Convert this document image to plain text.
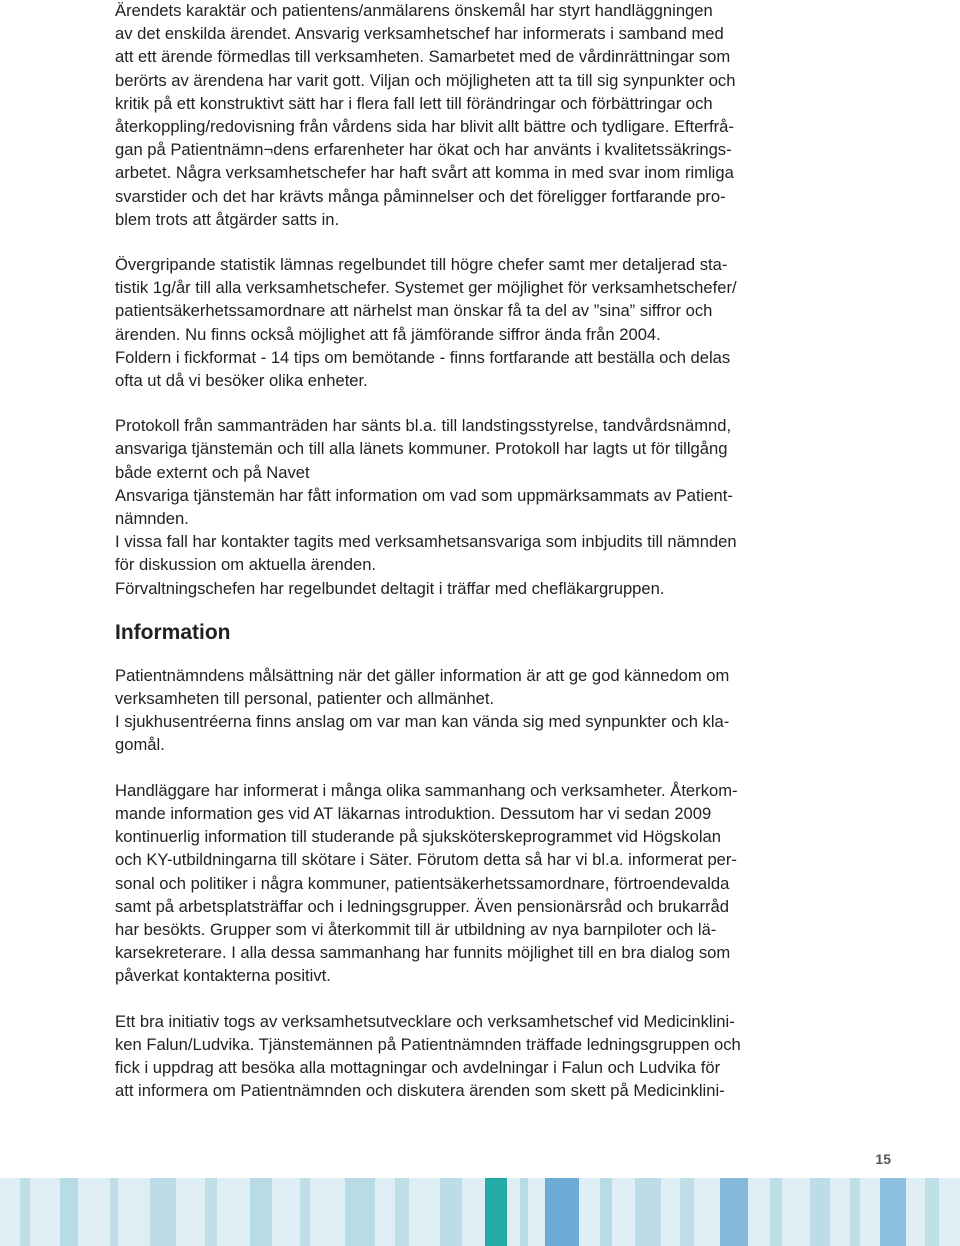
Ärendets karaktär och patientens/anmälarens önskemål har styrt handläggningen
av det enskilda ärendet. Ansvarig verksamhetschef har informerats i samband med
att ett ärende förmedlas till verksamheten. Samarbetet med de vårdinrättningar som
berörts av ärendena har varit gott. Viljan och möjligheten att ta till sig synpunkter och
kritik på ett konstruktivt sätt har i flera fall lett till förändringar och förbättringar och
återkoppling/redovisning från vårdens sida har blivit allt bättre och tydligare. Efterfrå-
gan på Patientnämn¬dens erfarenheter har ökat och har använts i kvalitetssäkrings-
arbetet. Några verksamhetschefer har haft svårt att komma in med svar inom rimliga
svarstider och det har krävts många påminnelser och det föreligger fortfarande pro-
blem trots att åtgärder satts in.
Övergripande statistik lämnas regelbundet till högre chefer samt mer detaljerad sta-
tistik 1g/år till alla verksamhetschefer. Systemet ger möjlighet för verksamhetschefer/
patientsäkerhetssamordnare att närhelst man önskar få ta del av ”sina” siffror och
ärenden. Nu finns också möjlighet att få jämförande siffror ända från 2004.
Foldern i fickformat - 14 tips om bemötande - finns fortfarande att beställa och delas
ofta ut då vi besöker olika enheter.
Protokoll från sammanträden har sänts bl.a. till landstingsstyrelse, tandvårdsnämnd,
ansvariga tjänstemän och till alla länets kommuner. Protokoll har lagts ut för tillgång
både externt och på Navet
Ansvariga tjänstemän har fått information om vad som uppmärksammats av Patient-
nämnden.
I vissa fall har kontakter tagits med verksamhetsansvariga som inbjudits till nämnden
för diskussion om aktuella ärenden.
Förvaltningschefen har regelbundet deltagit i träffar med chefläkargruppen.
Information
Patientnämndens målsättning när det gäller information är att ge god kännedom om
verksamheten till personal, patienter och allmänhet.
I sjukhusentréerna finns anslag om var man kan vända sig med synpunkter och kla-
gomål.
Handläggare har informerat i många olika sammanhang och verksamheter. Återkom-
mande information ges vid AT läkarnas introduktion. Dessutom har vi sedan 2009
kontinuerlig information till studerande på sjuksköterskeprogrammet vid Högskolan
och KY-utbildningarna till skötare i Säter. Förutom detta så har vi bl.a. informerat per-
sonal och politiker i några kommuner, patientsäkerhetssamordnare, förtroendevalda
samt på arbetsplatsträffar och i ledningsgrupper. Även pensionärsråd och brukarråd
har besökts. Grupper som vi återkommit till är utbildning av nya barnpiloter och lä-
karsekreterare. I alla dessa sammanhang har funnits möjlighet till en bra dialog som
påverkat kontakterna positivt.
Ett bra initiativ togs av verksamhetsutvecklare och verksamhetschef vid Medicinklini-
ken Falun/Ludvika. Tjänstemännen på Patientnämnden träffade ledningsgruppen och
fick i uppdrag att besöka alla mottagningar och avdelningar i Falun och Ludvika för
att informera om Patientnämnden och diskutera ärenden som skett på Medicinklini-
15
